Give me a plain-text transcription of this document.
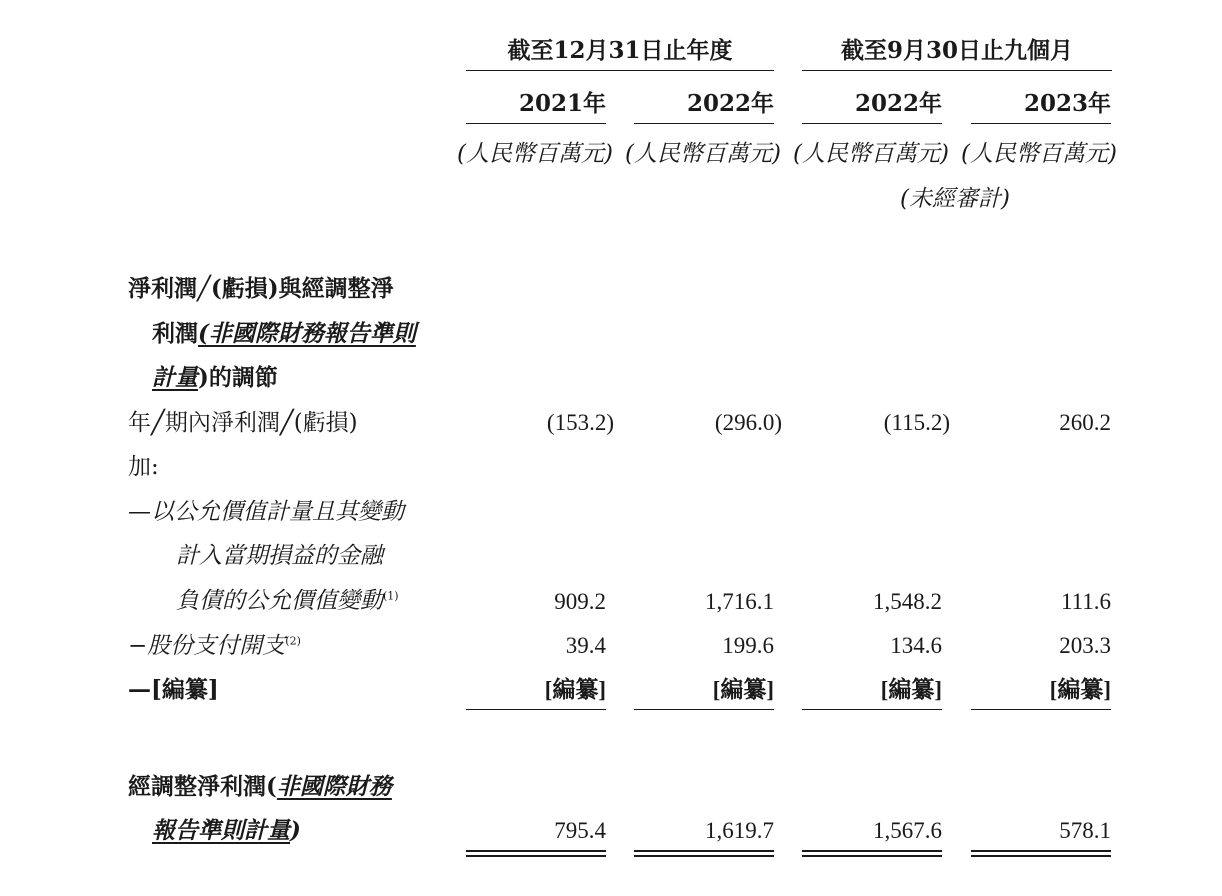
截至12月31日止年度	截至9月30日止九個月
2021年	2022年	2022年	2023年
(人民幣百萬元) (人民幣百萬元) (人民幣百萬元) (人民幣百萬元)
(未經審計)
淨利潤╱(虧損)與經調整淨
利潤(非國際財務報告準則
計量)的調節
年╱期內淨利潤╱(虧損)	(153.2)	(296.0)	(115.2)	260.2
加:
—以公允價值計量且其變動
計入當期損益的金融
負債的公允價值變動$^{(1)}$	909.2	1,716.1	1,548.2	111.6
−股份支付開支$^{(2)}$	39.4	199.6	134.6	203.3
—[編纂]	[編纂]	[編纂]	[編纂]	[編纂]
經調整淨利潤(非國際財務
報告準則計量)	795.4	1,619.7	1,567.6	578.1
